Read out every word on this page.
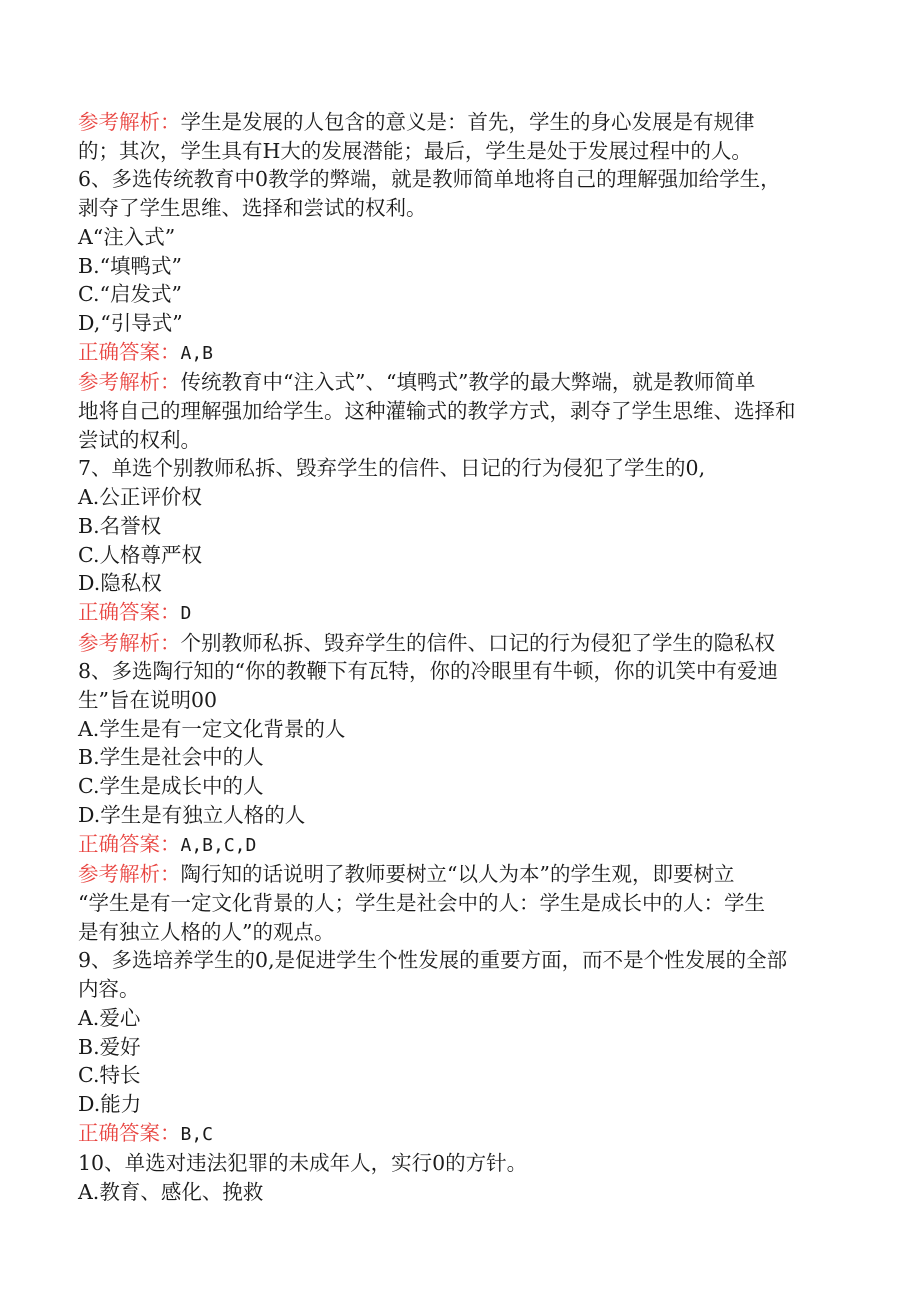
参考解析：学生是发展的人包含的意义是：首先，学生的身心发展是有规律

的；其次，学生具有H大的发展潜能；最后，学生是处于发展过程中的人。

6、多选传统教育中0教学的弊端，就是教师简单地将自己的理解强加给学生，

剥夺了学生思维、选择和尝试的权利。

A“注入式”

B.“填鸭式”

C.“启发式”

D,“引导式”

正确答案：A,B

参考解析：传统教育中“注入式”、“填鸭式”教学的最大弊端，就是教师简单

地将自己的理解强加给学生。这种灌输式的教学方式，剥夺了学生思维、选择和

尝试的权利。

7、单选个别教师私拆、毁弃学生的信件、日记的行为侵犯了学生的0,

A.公正评价权

B.名誉权

C.人格尊严权

D.隐私权

正确答案：D

参考解析：个别教师私拆、毁弃学生的信件、口记的行为侵犯了学生的隐私权

8、多选陶行知的“你的教鞭下有瓦特，你的冷眼里有牛顿，你的讥笑中有爱迪

生”旨在说明00

A.学生是有一定文化背景的人

B.学生是社会中的人

C.学生是成长中的人

D.学生是有独立人格的人

正确答案：A,B,C,D

参考解析：陶行知的话说明了教师要树立“以人为本”的学生观，即要树立

“学生是有一定文化背景的人；学生是社会中的人：学生是成长中的人：学生

是有独立人格的人”的观点。

9、多选培养学生的0,是促进学生个性发展的重要方面，而不是个性发展的全部

内容。

A.爱心

B.爱好

C.特长

D.能力

正确答案：B,C

10、单选对违法犯罪的未成年人，实行0的方针。

A.教育、感化、挽救
